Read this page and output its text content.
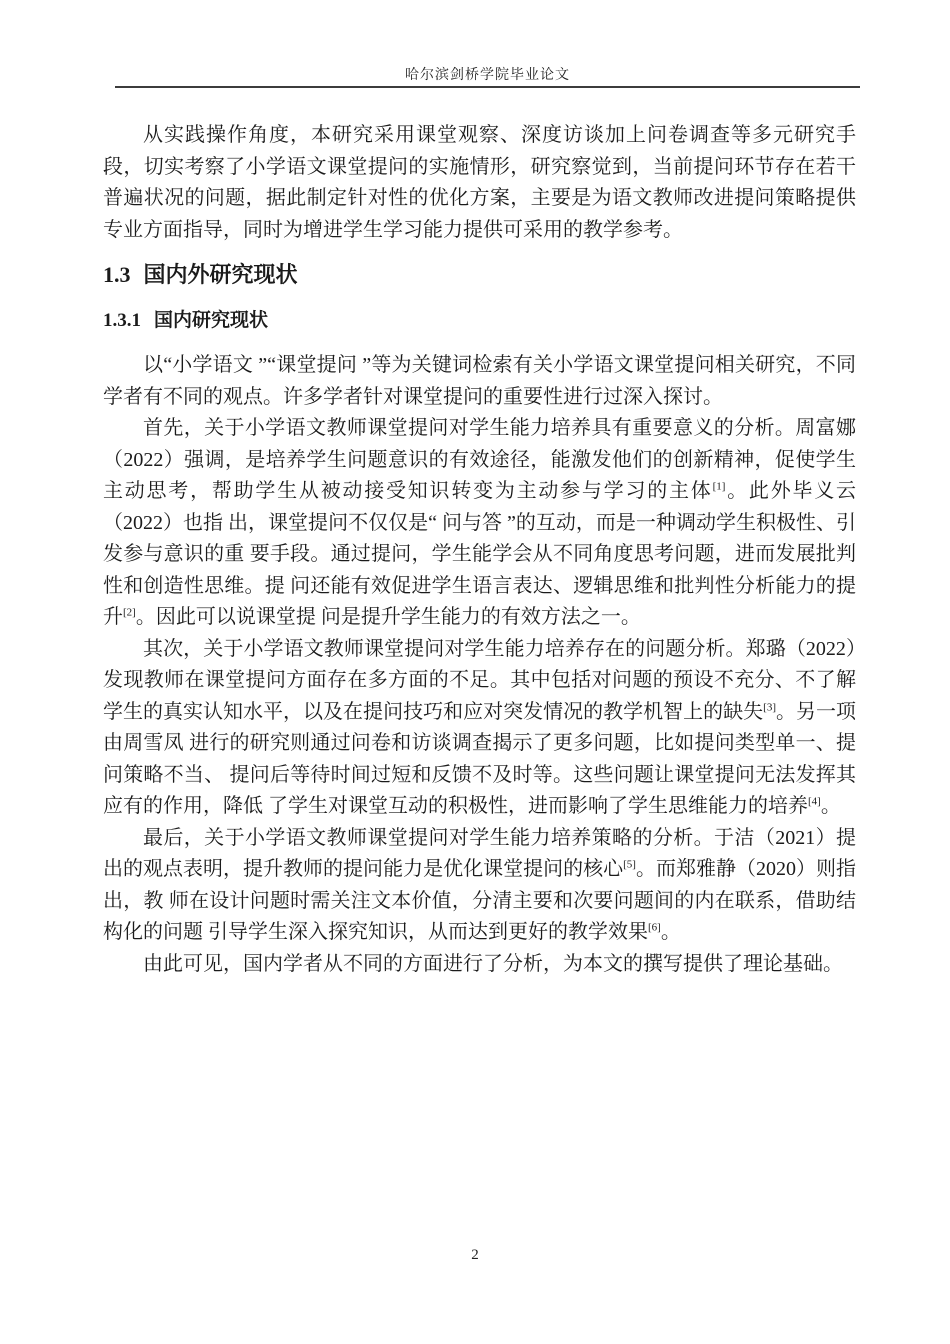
哈尔滨剑桥学院毕业论文

从实践操作角度，本研究采用课堂观察、深度访谈加上问卷调查等多元研究手段，切实考察了小学语文课堂提问的实施情形，研究察觉到，当前提问环节存在若干普遍状况的问题，据此制定针对性的优化方案，主要是为语文教师改进提问策略提供专业方面指导，同时为增进学生学习能力提供可采用的教学参考。

1.3 国内外研究现状
1.3.1 国内研究现状

以“小学语文 ”“课堂提问 ”等为关键词检索有关小学语文课堂提问相关研究，不同 学者有不同的观点。许多学者针对课堂提问的重要性进行过深入探讨。

首先，关于小学语文教师课堂提问对学生能力培养具有重要意义的分析。周富娜（2022）强调，是培养学生问题意识的有效途径，能激发他们的创新精神，促使学生主动思考，帮助学生从被动接受知识转变为主动参与学习的主体[1]。此外毕义云（2022）也指 出，课堂提问不仅仅是“ 问与答 ”的互动，而是一种调动学生积极性、引发参与意识的重 要手段。通过提问，学生能学会从不同角度思考问题，进而发展批判性和创造性思维。提 问还能有效促进学生语言表达、逻辑思维和批判性分析能力的提升[2]。因此可以说课堂提 问是提升学生能力的有效方法之一。

其次，关于小学语文教师课堂提问对学生能力培养存在的问题分析。郑璐（2022）发现教师在课堂提问方面存在多方面的不足。其中包括对问题的预设不充分、不了解学生的真实认知水平，以及在提问技巧和应对突发情况的教学机智上的缺失[3]。另一项由周雪凤 进行的研究则通过问卷和访谈调查揭示了更多问题，比如提问类型单一、提问策略不当、 提问后等待时间过短和反馈不及时等。这些问题让课堂提问无法发挥其应有的作用，降低 了学生对课堂互动的积极性，进而影响了学生思维能力的培养[4]。

最后，关于小学语文教师课堂提问对学生能力培养策略的分析。于洁（2021）提出的观点表明，提升教师的提问能力是优化课堂提问的核心[5]。而郑雅静（2020）则指出，教 师在设计问题时需关注文本价值，分清主要和次要问题间的内在联系，借助结构化的问题 引导学生深入探究知识，从而达到更好的教学效果[6]。

由此可见，国内学者从不同的方面进行了分析，为本文的撰写提供了理论基础。

2
